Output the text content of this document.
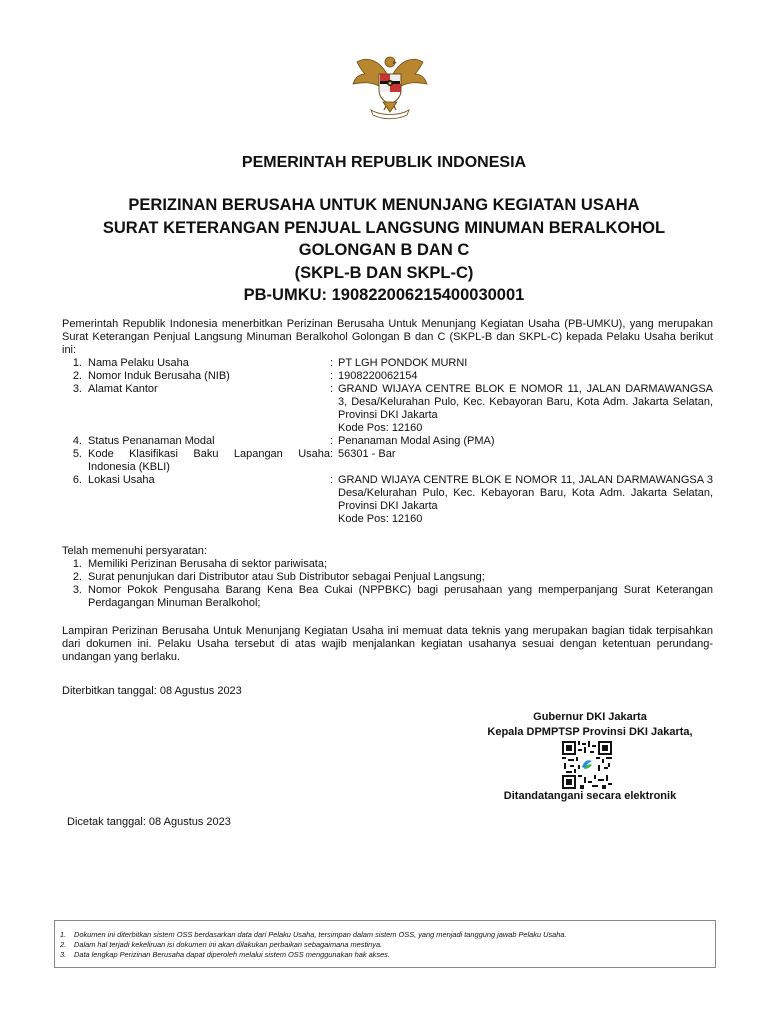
PEMERINTAH REPUBLIK INDONESIA
PERIZINAN BERUSAHA UNTUK MENUNJANG KEGIATAN USAHA
SURAT KETERANGAN PENJUAL LANGSUNG MINUMAN BERALKOHOL
GOLONGAN B DAN C
(SKPL-B DAN SKPL-C)
PB-UMKU: 190822006215400030001
Pemerintah Republik Indonesia menerbitkan Perizinan Berusaha Untuk Menunjang Kegiatan Usaha (PB-UMKU), yang merupakan Surat Keterangan Penjual Langsung Minuman Beralkohol Golongan B dan C (SKPL-B dan SKPL-C) kepada Pelaku Usaha berikut ini:
1. Nama Pelaku Usaha	: PT LGH PONDOK MURNI
2. Nomor Induk Berusaha (NIB)	: 1908220062154
3. Alamat Kantor	: GRAND WIJAYA CENTRE BLOK E NOMOR 11, JALAN DARMAWANGSA 3, Desa/Kelurahan Pulo, Kec. Kebayoran Baru, Kota Adm. Jakarta Selatan, Provinsi DKI Jakarta
Kode Pos: 12160
4. Status Penanaman Modal	: Penanaman Modal Asing (PMA)
5. Kode Klasifikasi Baku Lapangan Usaha Indonesia (KBLI)
: 56301 - Bar
6. Lokasi Usaha	: GRAND WIJAYA CENTRE BLOK E NOMOR 11, JALAN DARMAWANGSA 3 Desa/Kelurahan Pulo, Kec. Kebayoran Baru, Kota Adm. Jakarta Selatan, Provinsi DKI Jakarta
Kode Pos: 12160
Telah memenuhi persyaratan:
1. Memiliki Perizinan Berusaha di sektor pariwisata;
2. Surat penunjukan dari Distributor atau Sub Distributor sebagai Penjual Langsung;
3. Nomor Pokok Pengusaha Barang Kena Bea Cukai (NPPBKC) bagi perusahaan yang memperpanjang Surat Keterangan Perdagangan Minuman Beralkohol;
Lampiran Perizinan Berusaha Untuk Menunjang Kegiatan Usaha ini memuat data teknis yang merupakan bagian tidak terpisahkan dari dokumen ini. Pelaku Usaha tersebut di atas wajib menjalankan kegiatan usahanya sesuai dengan ketentuan perundang-undangan yang berlaku.
Diterbitkan tanggal: 08 Agustus 2023
Gubernur DKI Jakarta
Kepala DPMPTSP Provinsi DKI Jakarta,
Ditandatangani secara elektronik
Dicetak tanggal: 08 Agustus 2023
1.	Dokumen ini diterbitkan sistem OSS berdasarkan data dari Pelaku Usaha, tersimpan dalam sistem OSS, yang menjadi tanggung jawab Pelaku Usaha.
2.	Dalam hal terjadi kekeliruan isi dokumen ini akan dilakukan perbaikan sebagaimana mestinya.
3.	Data lengkap Perizinan Berusaha dapat diperoleh melalui sistem OSS menggunakan hak akses.
